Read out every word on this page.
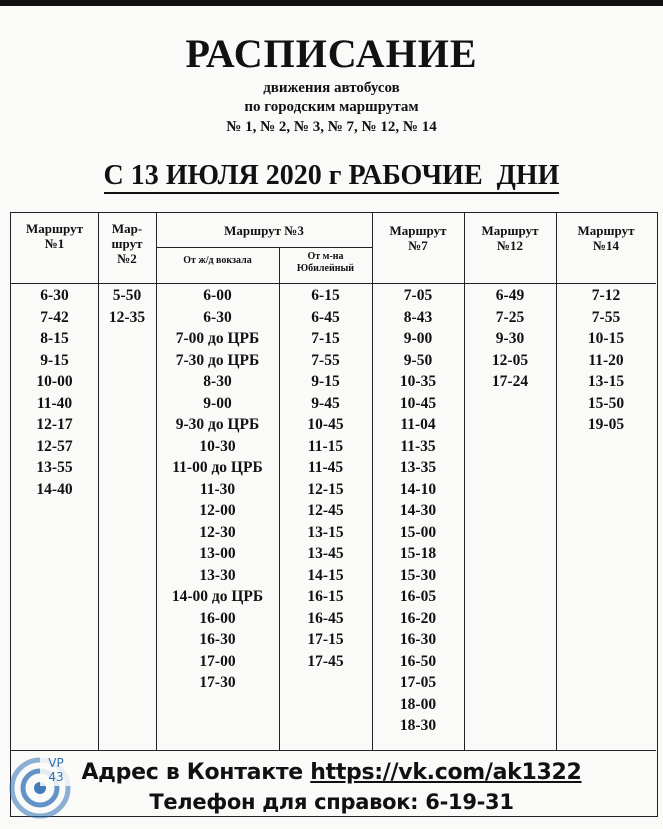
РАСПИСАНИЕ
движения автобусов
по городским маршрутам
№ 1, № 2, № 3, № 7, № 12, № 14
С 13 ИЮЛЯ 2020 г РАБОЧИЕ  ДНИ
Маршрут
№1
Мар-
шрут
№2
Маршрут №3
От ж/д вокзала	От м-на
Юбилейный
Маршрут
№7
Маршрут
№12
Маршрут
№14
6-30
7-42
8-15
9-15
10-00
11-40
12-17
12-57
13-55
14-40
5-50
12-35
6-00
6-30
7-00 до ЦРБ
7-30 до ЦРБ
8-30
9-00
9-30 до ЦРБ
10-30
11-00 до ЦРБ
11-30
12-00
12-30
13-00
13-30
14-00 до ЦРБ
16-00
16-30
17-00
17-30
6-15
6-45
7-15
7-55
9-15
9-45
10-45
11-15
11-45
12-15
12-45
13-15
13-45
14-15
16-15
16-45
17-15
17-45
7-05
8-43
9-00
9-50
10-35
10-45
11-04
11-35
13-35
14-10
14-30
15-00
15-18
15-30
16-05
16-20
16-30
16-50
17-05
18-00
18-30
6-49
7-25
9-30
12-05
17-24
7-12
7-55
10-15
11-20
13-15
15-50
19-05
Адрес в Контакте https://vk.com/ak1322
Телефон для справок: 6-19-31
VP
43
